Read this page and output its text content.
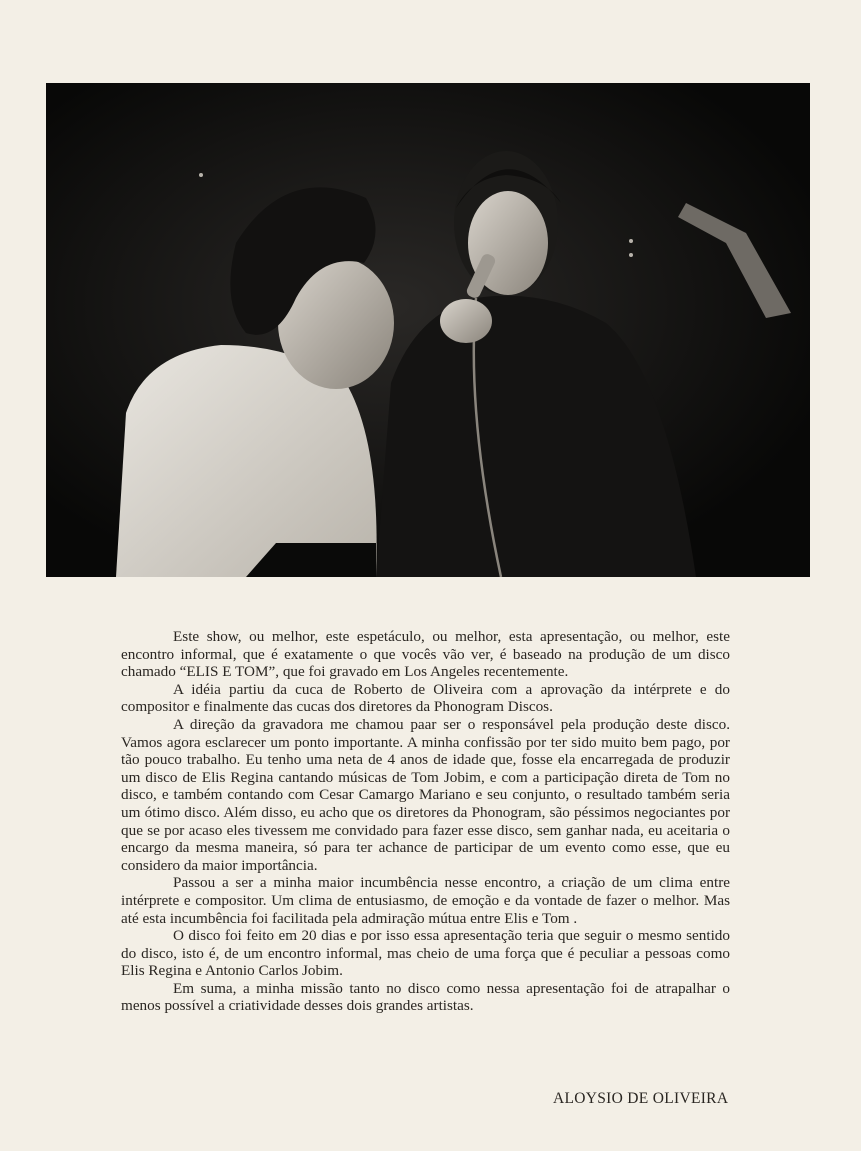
Este show, ou melhor, este espetáculo, ou melhor, esta apresentação, ou melhor, este encontro informal, que é exatamente o que vocês vão ver, é baseado na produção de um disco chamado “ELIS E TOM”, que foi gravado em Los Angeles recentemente.

A idéia partiu da cuca de Roberto de Oliveira com a aprovação da intérprete e do compositor e finalmente das cucas dos diretores da Phonogram Discos.

A direção da gravadora me chamou paar ser o responsável pela produção deste disco. Vamos agora esclarecer um ponto importante. A minha confissão por ter sido muito bem pago, por tão pouco trabalho. Eu tenho uma neta de 4 anos de idade que, fosse ela encarregada de produzir um disco de Elis Regina cantando músicas de Tom Jobim, e com a participação direta de Tom no disco, e também contando com Cesar Camargo Mariano e seu conjunto, o resultado também seria um ótimo disco. Além disso, eu acho que os diretores da Phonogram, são péssimos negociantes por que se por acaso eles tivessem me convidado para fazer esse disco, sem ganhar nada, eu aceitaria o encargo da mesma maneira, só para ter achance de participar de um evento como esse, que eu considero da maior importância.

Passou a ser a minha maior incumbência nesse encontro, a criação de um clima entre intérprete e compositor. Um clima de entusiasmo, de emoção e da vontade de fazer o melhor. Mas até esta incumbência foi facilitada pela admiração mútua entre Elis e Tom .

O disco foi feito em 20 dias e por isso essa apresentação teria que seguir o mesmo sentido do disco, isto é, de um encontro informal, mas cheio de uma força que é peculiar a pessoas como Elis Regina e Antonio Carlos Jobim.

Em suma, a minha missão tanto no disco como nessa apresentação foi de atrapalhar o menos possível a criatividade desses dois grandes artistas.

ALOYSIO DE OLIVEIRA
